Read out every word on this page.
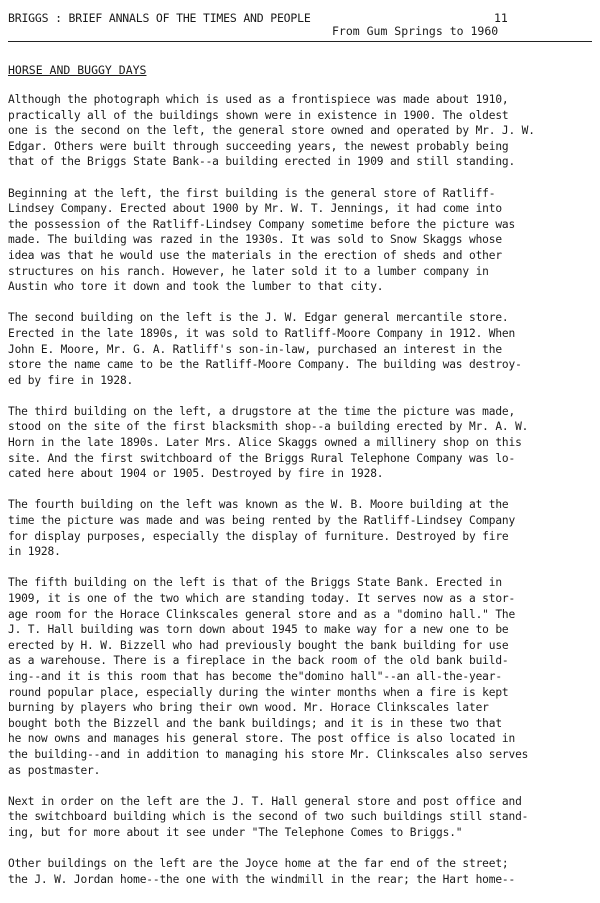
BRIGGS : BRIEF ANNALS OF THE TIMES AND PEOPLE	11
From Gum Springs to 1960
HORSE AND BUGGY DAYS
Although the photograph which is used as a frontispiece was made about 1910,
practically all of the buildings shown were in existence in 1900. The oldest
one is the second on the left, the general store owned and operated by Mr. J. W.
Edgar. Others were built through succeeding years, the newest probably being
that of the Briggs State Bank--a building erected in 1909 and still standing.
Beginning at the left, the first building is the general store of Ratliff-
Lindsey Company. Erected about 1900 by Mr. W. T. Jennings, it had come into
the possession of the Ratliff-Lindsey Company sometime before the picture was
made. The building was razed in the 1930s. It was sold to Snow Skaggs whose
idea was that he would use the materials in the erection of sheds and other
structures on his ranch. However, he later sold it to a lumber company in
Austin who tore it down and took the lumber to that city.
The second building on the left is the J. W. Edgar general mercantile store.
Erected in the late 1890s, it was sold to Ratliff-Moore Company in 1912. When
John E. Moore, Mr. G. A. Ratliff's son-in-law, purchased an interest in the
store the name came to be the Ratliff-Moore Company. The building was destroy-
ed by fire in 1928.
The third building on the left, a drugstore at the time the picture was made,
stood on the site of the first blacksmith shop--a building erected by Mr. A. W.
Horn in the late 1890s. Later Mrs. Alice Skaggs owned a millinery shop on this
site. And the first switchboard of the Briggs Rural Telephone Company was lo-
cated here about 1904 or 1905. Destroyed by fire in 1928.
The fourth building on the left was known as the W. B. Moore building at the
time the picture was made and was being rented by the Ratliff-Lindsey Company
for display purposes, especially the display of furniture. Destroyed by fire
in 1928.
The fifth building on the left is that of the Briggs State Bank. Erected in
1909, it is one of the two which are standing today. It serves now as a stor-
age room for the Horace Clinkscales general store and as a "domino hall." The
J. T. Hall building was torn down about 1945 to make way for a new one to be
erected by H. W. Bizzell who had previously bought the bank building for use
as a warehouse. There is a fireplace in the back room of the old bank build-
ing--and it is this room that has become the"domino hall"--an all-the-year-
round popular place, especially during the winter months when a fire is kept
burning by players who bring their own wood. Mr. Horace Clinkscales later
bought both the Bizzell and the bank buildings; and it is in these two that
he now owns and manages his general store. The post office is also located in
the building--and in addition to managing his store Mr. Clinkscales also serves
as postmaster.
Next in order on the left are the J. T. Hall general store and post office and
the switchboard building which is the second of two such buildings still stand-
ing, but for more about it see under "The Telephone Comes to Briggs."
Other buildings on the left are the Joyce home at the far end of the street;
the J. W. Jordan home--the one with the windmill in the rear; the Hart home--
